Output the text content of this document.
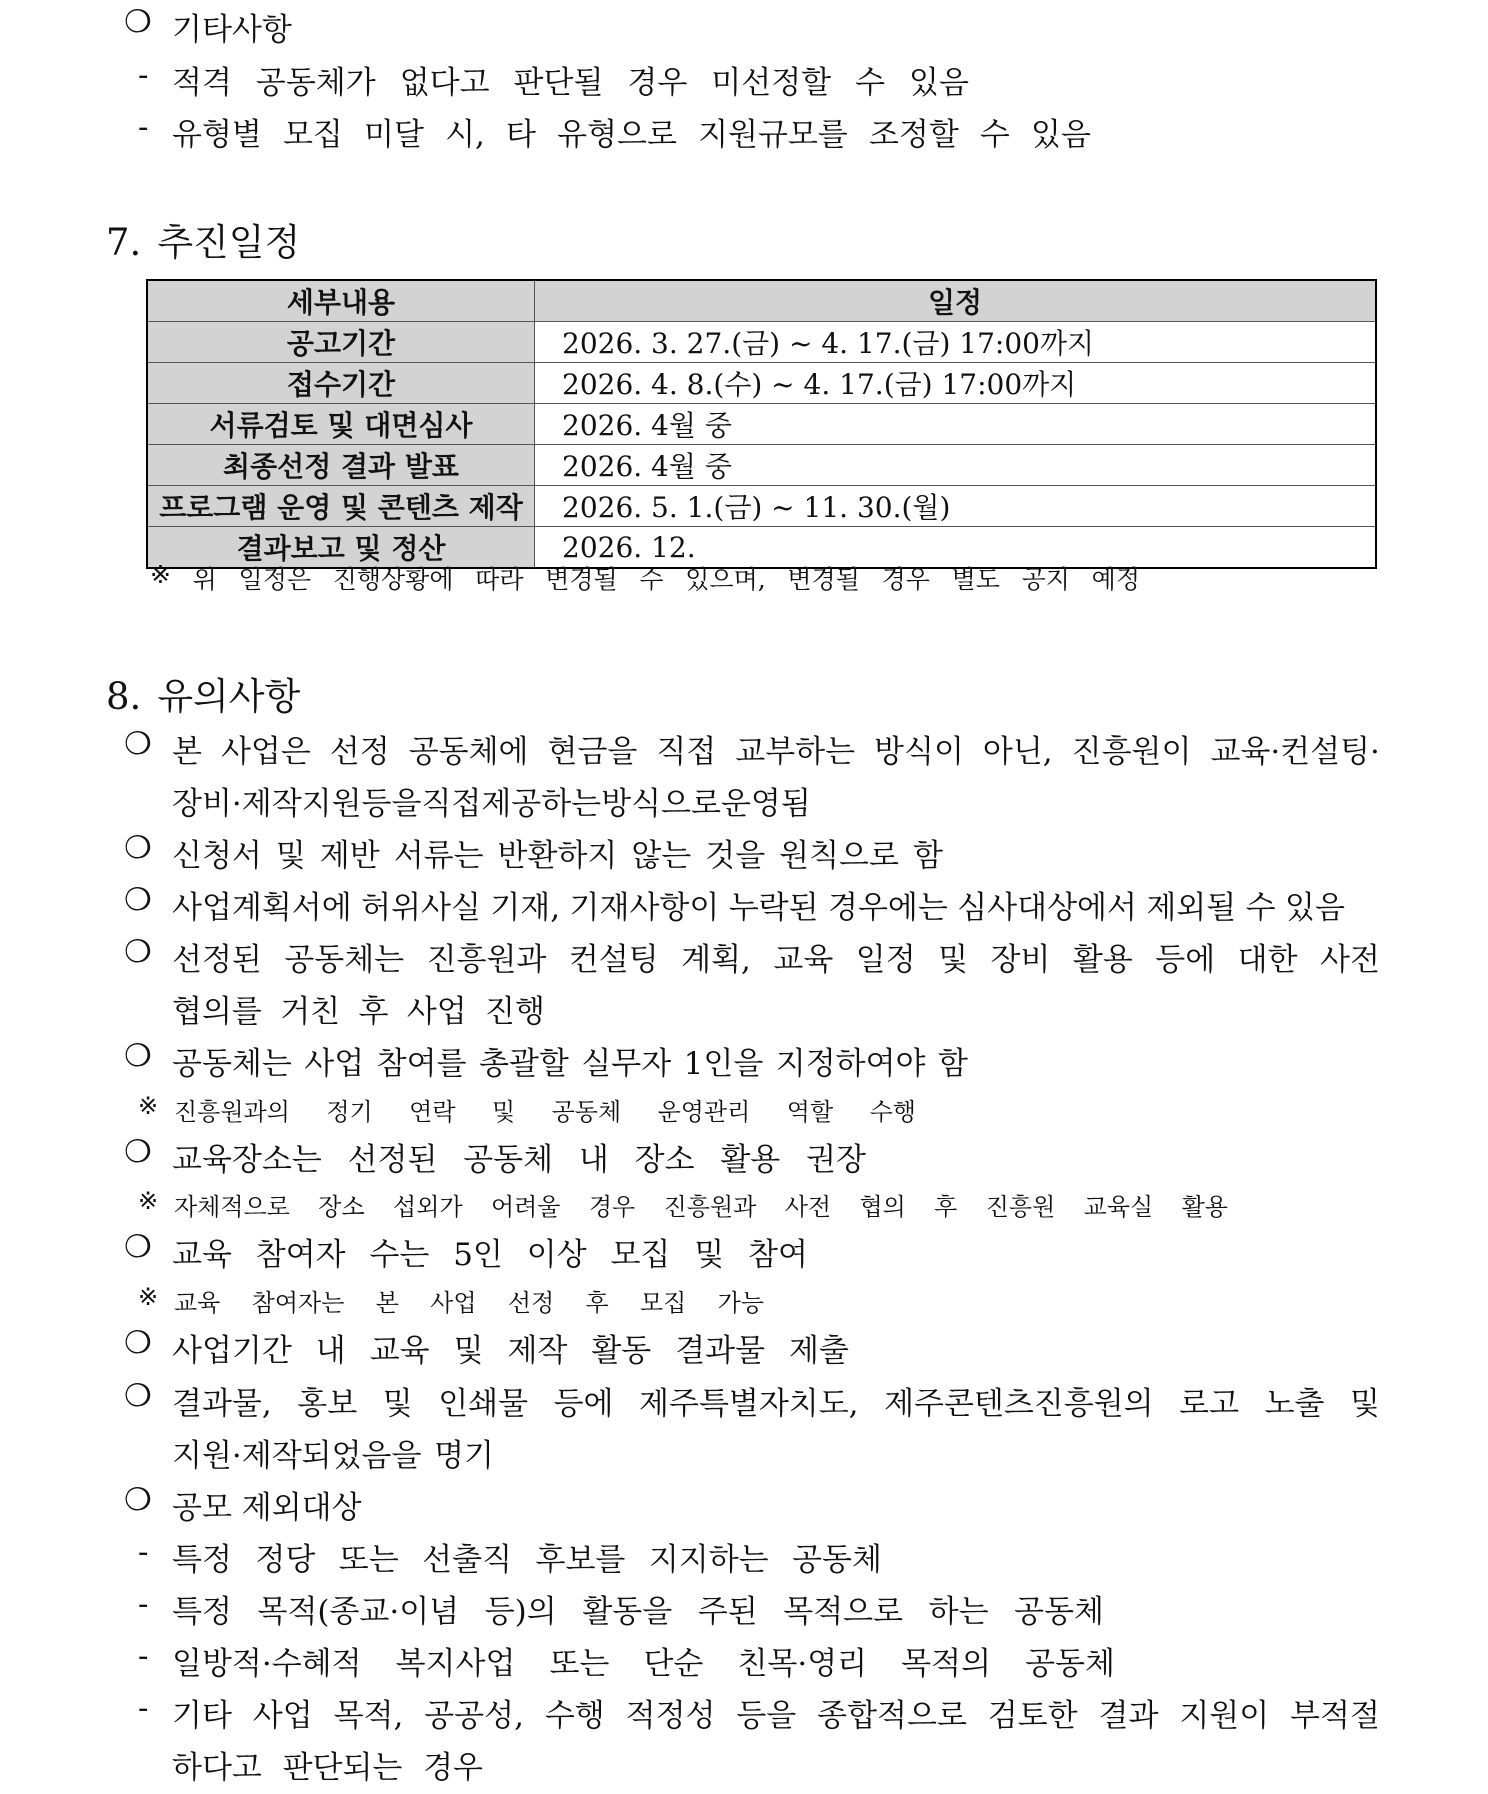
❍ 기타사항
- 적격 공동체가 없다고 판단될 경우 미선정할 수 있음
- 유형별 모집 미달 시, 타 유형으로 지원규모를 조정할 수 있음
7. 추진일정
세부내용	일정
공고기간	2026. 3. 27.(금) ~ 4. 17.(금) 17:00까지
접수기간	2026. 4. 8.(수) ~ 4. 17.(금) 17:00까지
서류검토 및 대면심사	2026. 4월 중
최종선정 결과 발표	2026. 4월 중
프로그램 운영 및 콘텐츠 제작	2026. 5. 1.(금) ~ 11. 30.(월)
결과보고 및 정산	2026. 12.
※ 위 일정은 진행상황에 따라 변경될 수 있으며, 변경될 경우 별도 공지 예정
8. 유의사항
❍ 본 사업은 선정 공동체에 현금을 직접 교부하는 방식이 아닌, 진흥원이 교육·컨설팅·
장비·제작지원 등을 직접 제공하는 방식으로 운영됨
❍ 신청서 및 제반 서류는 반환하지 않는 것을 원칙으로 함
❍ 사업계획서에 허위사실 기재, 기재사항이 누락된 경우에는 심사대상에서 제외될 수 있음
❍ 선정된 공동체는 진흥원과 컨설팅 계획, 교육 일정 및 장비 활용 등에 대한 사전
협의를 거친 후 사업 진행
❍ 공동체는 사업 참여를 총괄할 실무자 1인을 지정하여야 함
※ 진흥원과의 정기 연락 및 공동체 운영관리 역할 수행
❍ 교육장소는 선정된 공동체 내 장소 활용 권장
※ 자체적으로 장소 섭외가 어려울 경우 진흥원과 사전 협의 후 진흥원 교육실 활용
❍ 교육 참여자 수는 5인 이상 모집 및 참여
※ 교육 참여자는 본 사업 선정 후 모집 가능
❍ 사업기간 내 교육 및 제작 활동 결과물 제출
❍ 결과물, 홍보 및 인쇄물 등에 제주특별자치도, 제주콘텐츠진흥원의 로고 노출 및
지원·제작되었음을 명기
❍ 공모 제외대상
- 특정 정당 또는 선출직 후보를 지지하는 공동체
- 특정 목적(종교·이념 등)의 활동을 주된 목적으로 하는 공동체
- 일방적·수혜적 복지사업 또는 단순 친목·영리 목적의 공동체
- 기타 사업 목적, 공공성, 수행 적정성 등을 종합적으로 검토한 결과 지원이 부적절
하다고 판단되는 경우
